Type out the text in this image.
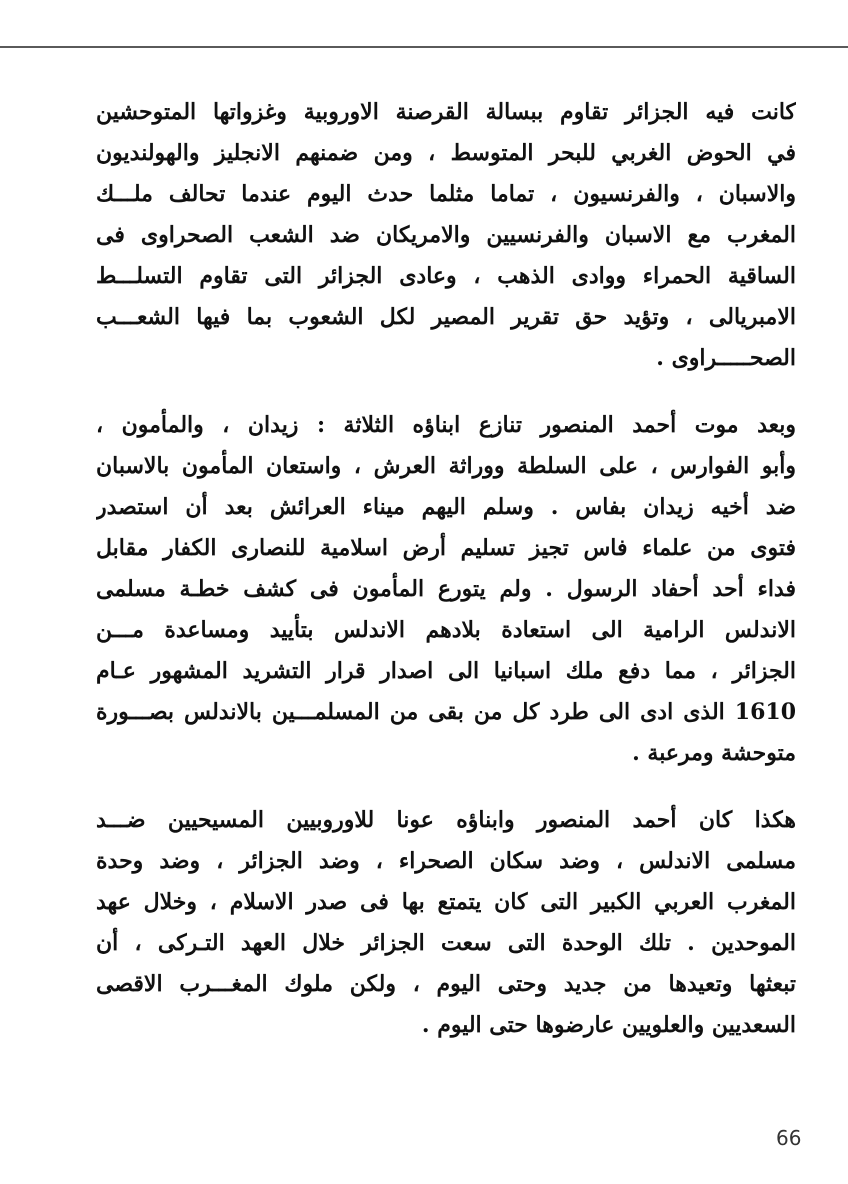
كانت فيه الجزائر تقاوم ببسالة القرصنة الاوروبية وغزواتها المتوحشين
في الحوض الغربي للبحر المتوسط ، ومن ضمنهم الانجليز والهولنديون
والاسبان ، والفرنسيون ، تماما مثلما حدث اليوم عندما تحالف ملـــك
المغرب مع الاسبان والفرنسيين والامريكان ضد الشعب الصحراوى فى
الساقية الحمراء ووادى الذهب ، وعادى الجزائر التى تقاوم التسلـــط
الامبريالى ، وتؤيد حق تقرير المصير لكل الشعوب بما فيها الشعـــب
الصحـــــراوى .
وبعد موت أحمد المنصور تنازع ابناؤه الثلاثة : زيدان ، والمأمون ،
وأبو الفوارس ، على السلطة ووراثة العرش ، واستعان المأمون بالاسبان
ضد أخيه زيدان بفاس . وسلم اليهم ميناء العرائش بعد أن استصدر
فتوى من علماء فاس تجيز تسليم أرض اسلامية للنصارى الكفار مقابل
فداء أحد أحفاد الرسول . ولم يتورع المأمون فى كشف خطـة مسلمى
الاندلس الرامية الى استعادة بلادهم الاندلس بتأييد ومساعدة مـــن
الجزائر ، مما دفع ملك اسبانيا الى اصدار قرار التشريد المشهور عـام
1610 الذى ادى الى طرد كل من بقى من المسلمـــين بالاندلس بصـــورة
متوحشة ومرعبة .
هكذا كان أحمد المنصور وابناؤه عونا للاوروبيين المسيحيين ضـــد
مسلمى الاندلس ، وضد سكان الصحراء ، وضد الجزائر ، وضد وحدة
المغرب العربي الكبير التى كان يتمتع بها فى صدر الاسلام ، وخلال عهد
الموحدين . تلك الوحدة التى سعت الجزائر خلال العهد التـركى ، أن
تبعثها وتعيدها من جديد وحتى اليوم ، ولكن ملوك المغـــرب الاقصى
السعديين والعلويين عارضوها حتى اليوم .
66
